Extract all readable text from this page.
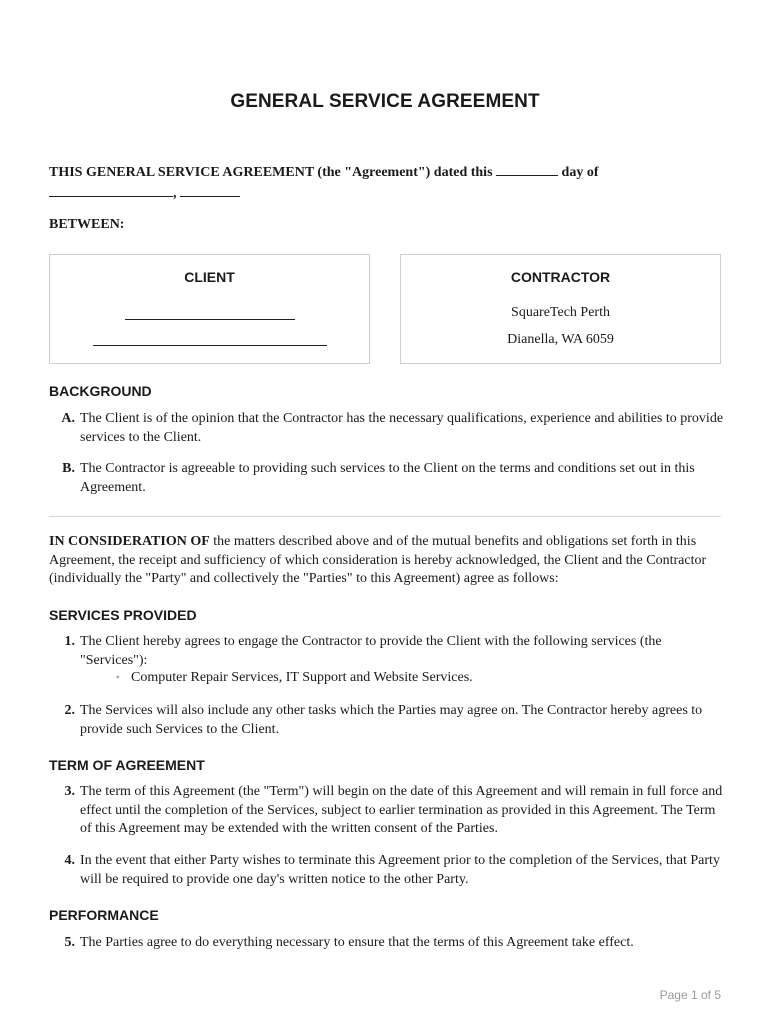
GENERAL SERVICE AGREEMENT
THIS GENERAL SERVICE AGREEMENT (the "Agreement") dated this	day of
,
BETWEEN:
CLIENT	CONTRACTOR
SquareTech Perth
Dianella, WA 6059
BACKGROUND
A. The Client is of the opinion that the Contractor has the necessary qualifications, experience and abilities to provide services to the Client.
B. The Contractor is agreeable to providing such services to the Client on the terms and conditions set out in this Agreement.
IN CONSIDERATION OF the matters described above and of the mutual benefits and obligations set forth in this Agreement, the receipt and sufficiency of which consideration is hereby acknowledged, the Client and the Contractor (individually the "Party" and collectively the "Parties" to this Agreement) agree as follows:
SERVICES PROVIDED
1. The Client hereby agrees to engage the Contractor to provide the Client with the following services (the "Services"):
◦ Computer Repair Services, IT Support and Website Services.
2. The Services will also include any other tasks which the Parties may agree on. The Contractor hereby agrees to provide such Services to the Client.
TERM OF AGREEMENT
3. The term of this Agreement (the "Term") will begin on the date of this Agreement and will remain in full force and effect until the completion of the Services, subject to earlier termination as provided in this Agreement. The Term of this Agreement may be extended with the written consent of the Parties.
4. In the event that either Party wishes to terminate this Agreement prior to the completion of the Services, that Party will be required to provide one day's written notice to the other Party.
PERFORMANCE
5. The Parties agree to do everything necessary to ensure that the terms of this Agreement take effect.
Page 1 of 5
